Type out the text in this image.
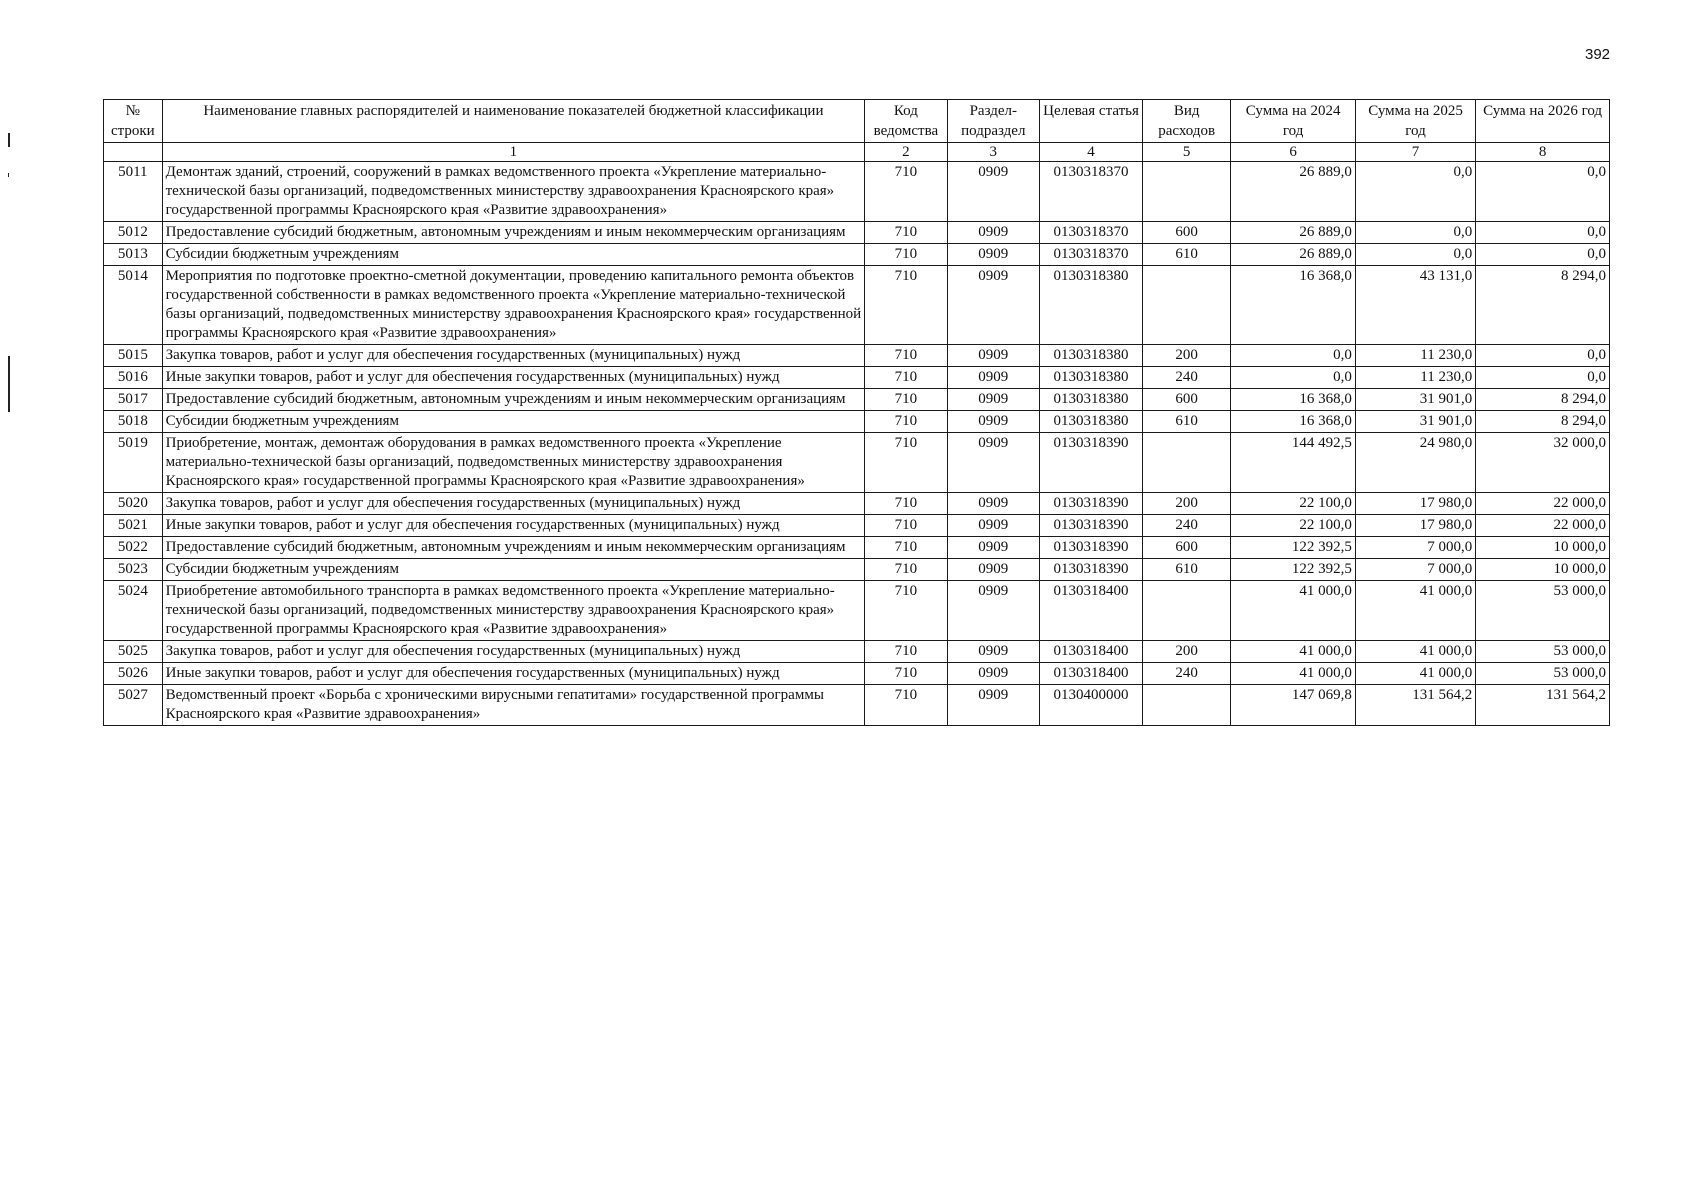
392
№ строки	Наименование главных распорядителей и наименование показателей бюджетной классификации	Код ведомства	Раздел-подраздел	Целевая статья	Вид расходов	Сумма на 2024 год	Сумма на 2025 год	Сумма на 2026 год
	1	2	3	4	5	6	7	8
5011	Демонтаж зданий, строений, сооружений в рамках ведомственного проекта «Укрепление материально-технической базы организаций, подведомственных министерству здравоохранения Красноярского края» государственной программы Красноярского края «Развитие здравоохранения»	710	0909	0130318370		26 889,0	0,0	0,0
5012	Предоставление субсидий бюджетным, автономным учреждениям и иным некоммерческим организациям	710	0909	0130318370	600	26 889,0	0,0	0,0
5013	Субсидии бюджетным учреждениям	710	0909	0130318370	610	26 889,0	0,0	0,0
5014	Мероприятия по подготовке проектно-сметной документации, проведению капитального ремонта объектов государственной собственности в рамках ведомственного проекта «Укрепление материально-технической базы организаций, подведомственных министерству здравоохранения Красноярского края» государственной программы Красноярского края «Развитие здравоохранения»	710	0909	0130318380		16 368,0	43 131,0	8 294,0
5015	Закупка товаров, работ и услуг для обеспечения государственных (муниципальных) нужд	710	0909	0130318380	200	0,0	11 230,0	0,0
5016	Иные закупки товаров, работ и услуг для обеспечения государственных (муниципальных) нужд	710	0909	0130318380	240	0,0	11 230,0	0,0
5017	Предоставление субсидий бюджетным, автономным учреждениям и иным некоммерческим организациям	710	0909	0130318380	600	16 368,0	31 901,0	8 294,0
5018	Субсидии бюджетным учреждениям	710	0909	0130318380	610	16 368,0	31 901,0	8 294,0
5019	Приобретение, монтаж, демонтаж оборудования в рамках ведомственного проекта «Укрепление материально-технической базы организаций, подведомственных министерству здравоохранения Красноярского края» государственной программы Красноярского края «Развитие здравоохранения»	710	0909	0130318390		144 492,5	24 980,0	32 000,0
5020	Закупка товаров, работ и услуг для обеспечения государственных (муниципальных) нужд	710	0909	0130318390	200	22 100,0	17 980,0	22 000,0
5021	Иные закупки товаров, работ и услуг для обеспечения государственных (муниципальных) нужд	710	0909	0130318390	240	22 100,0	17 980,0	22 000,0
5022	Предоставление субсидий бюджетным, автономным учреждениям и иным некоммерческим организациям	710	0909	0130318390	600	122 392,5	7 000,0	10 000,0
5023	Субсидии бюджетным учреждениям	710	0909	0130318390	610	122 392,5	7 000,0	10 000,0
5024	Приобретение автомобильного транспорта в рамках ведомственного проекта «Укрепление материально-технической базы организаций, подведомственных министерству здравоохранения Красноярского края» государственной программы Красноярского края «Развитие здравоохранения»	710	0909	0130318400		41 000,0	41 000,0	53 000,0
5025	Закупка товаров, работ и услуг для обеспечения государственных (муниципальных) нужд	710	0909	0130318400	200	41 000,0	41 000,0	53 000,0
5026	Иные закупки товаров, работ и услуг для обеспечения государственных (муниципальных) нужд	710	0909	0130318400	240	41 000,0	41 000,0	53 000,0
5027	Ведомственный проект «Борьба с хроническими вирусными гепатитами» государственной программы Красноярского края «Развитие здравоохранения»	710	0909	0130400000		147 069,8	131 564,2	131 564,2
